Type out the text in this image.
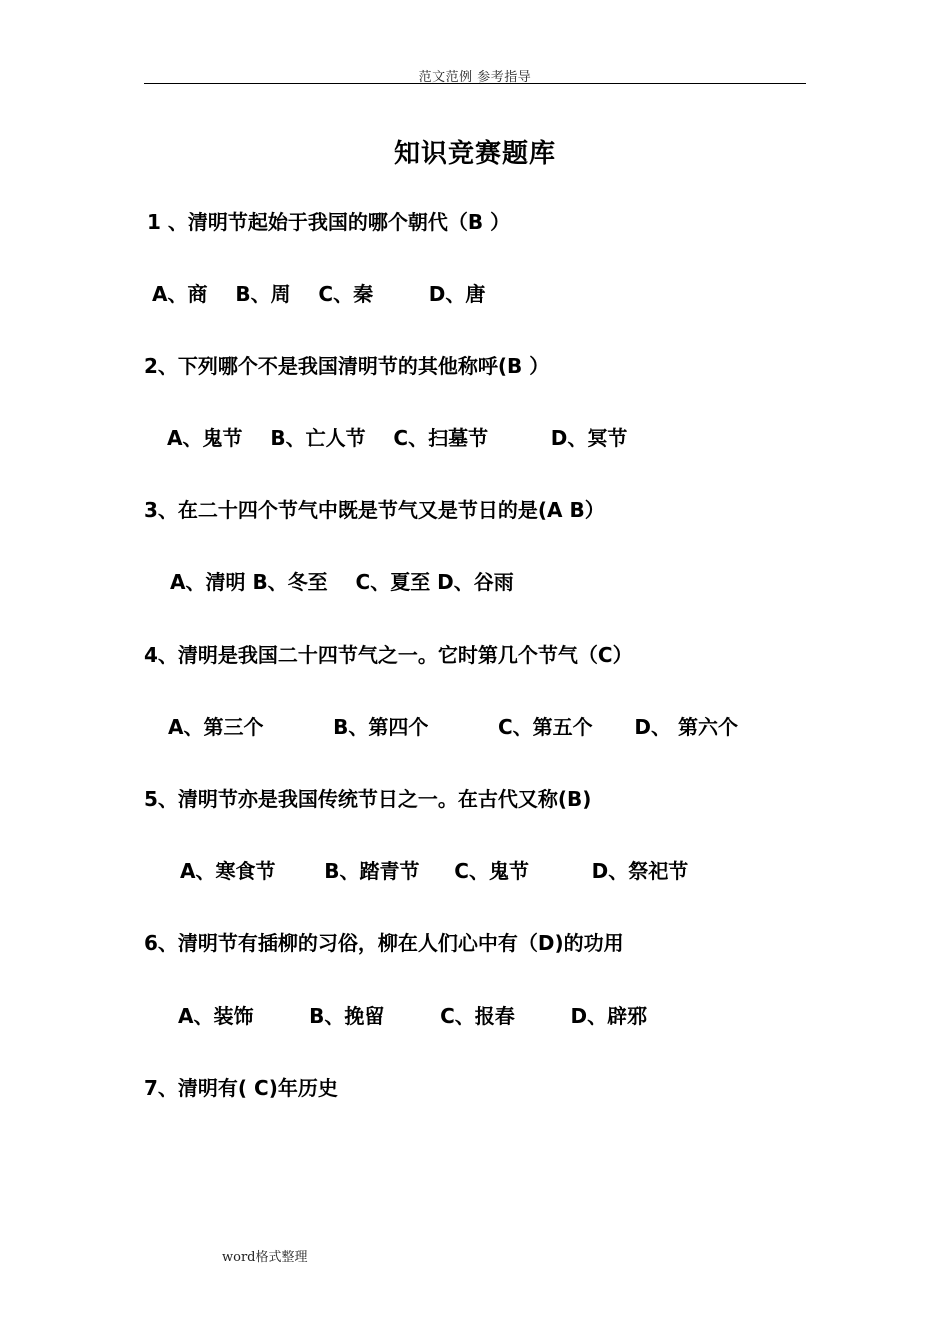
范文范例 参考指导
知识竞赛题库
1 、清明节起始于我国的哪个朝代（B ）
A、商    B、周    C、秦        D、唐
2、下列哪个不是我国清明节的其他称呼(B ）
A、鬼节    B、亡人节    C、扫墓节         D、冥节
3、在二十四个节气中既是节气又是节日的是(A B）
A、清明 B、冬至    C、夏至 D、谷雨
4、清明是我国二十四节气之一。它时第几个节气（C）
A、第三个          B、第四个          C、第五个      D、 第六个
5、清明节亦是我国传统节日之一。在古代又称(B)
A、寒食节       B、踏青节     C、鬼节         D、祭祀节
6、清明节有插柳的习俗，柳在人们心中有（D)的功用
A、装饰        B、挽留        C、报春        D、辟邪
7、清明有( C)年历史
word格式整理
